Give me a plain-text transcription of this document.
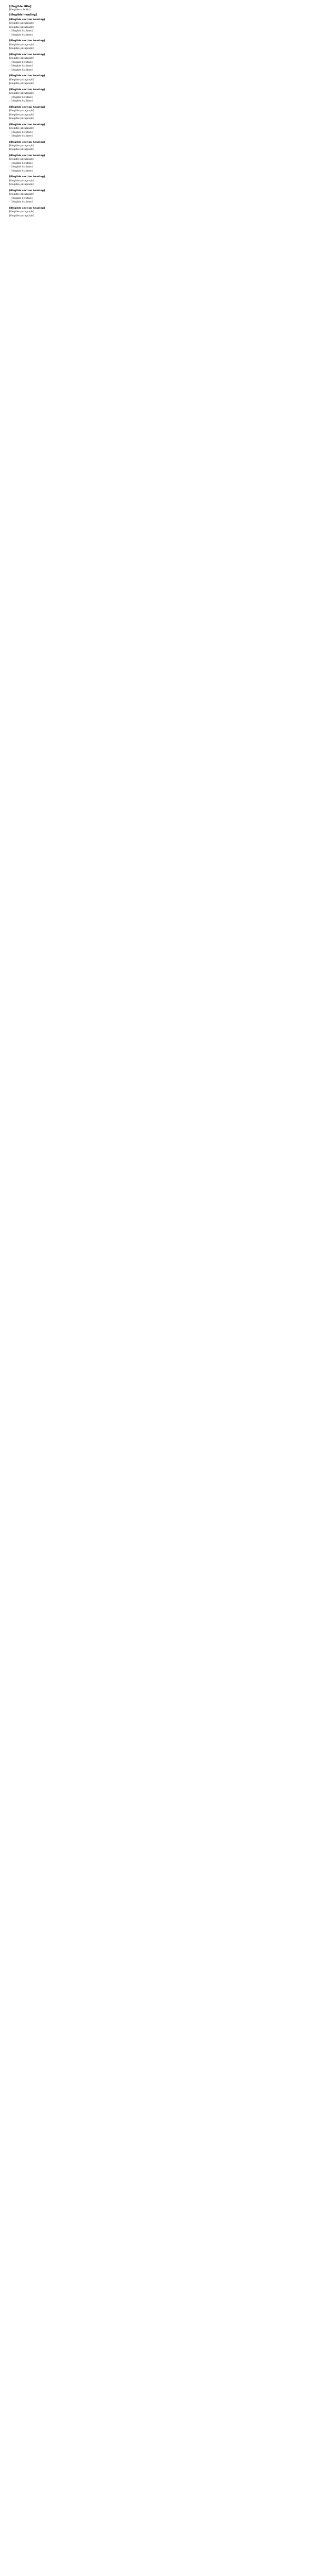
[illegible title]
[illegible subtitle]
[illegible heading]
[illegible section heading]
[illegible paragraph]
[illegible paragraph]
- [illegible list item]
- [illegible list item]
[illegible section heading]
[illegible paragraph]
[illegible paragraph]
[illegible section heading]
[illegible paragraph]
- [illegible list item]
- [illegible list item]
- [illegible list item]
[illegible section heading]
[illegible paragraph]
[illegible paragraph]
[illegible section heading]
[illegible paragraph]
- [illegible list item]
- [illegible list item]
[illegible section heading]
[illegible paragraph]
[illegible paragraph]
[illegible paragraph]
[illegible section heading]
[illegible paragraph]
- [illegible list item]
- [illegible list item]
[illegible section heading]
[illegible paragraph]
[illegible paragraph]
[illegible section heading]
[illegible paragraph]
- [illegible list item]
- [illegible list item]
- [illegible list item]
[illegible section heading]
[illegible paragraph]
[illegible paragraph]
[illegible section heading]
[illegible paragraph]
- [illegible list item]
- [illegible list item]
[illegible section heading]
[illegible paragraph]
[illegible paragraph]
